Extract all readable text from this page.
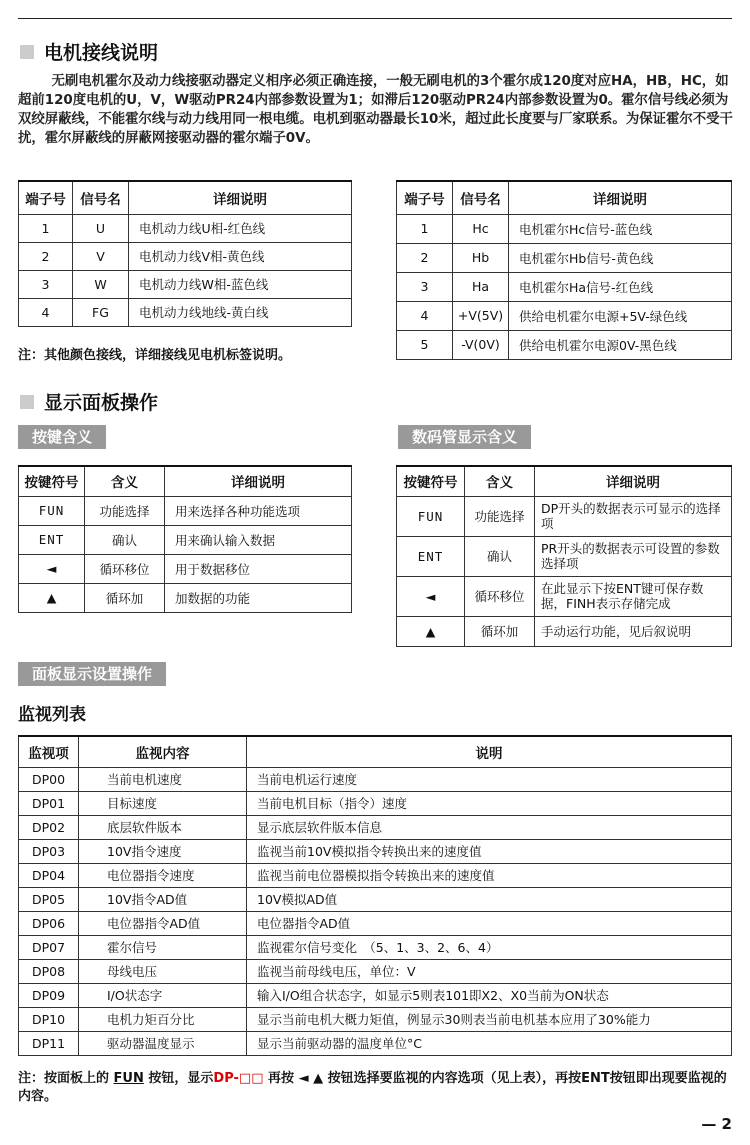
电机接线说明

无刷电机霍尔及动力线接驱动器定义相序必须正确连接，一般无刷电机的3个霍尔成120度对应HA，HB，HC，如超前120度电机的U，V，W驱动PR24内部参数设置为1；如滞后120驱动PR24内部参数设置为0。霍尔信号线必须为双绞屏蔽线，不能霍尔线与动力线用同一根电缆。电机到驱动器最长10米，超过此长度要与厂家联系。为保证霍尔不受干扰，霍尔屏蔽线的屏蔽网接驱动器的霍尔端子0V。

端子号	信号名	详细说明
1	U	电机动力线U相-红色线
2	V	电机动力线V相-黄色线
3	W	电机动力线W相-蓝色线
4	FG	电机动力线地线-黄白线
端子号	信号名	详细说明
1	Hc	电机霍尔Hc信号-蓝色线
2	Hb	电机霍尔Hb信号-黄色线
3	Ha	电机霍尔Ha信号-红色线
4	+V(5V)	供给电机霍尔电源+5V-绿色线
5	-V(0V)	供给电机霍尔电源0V-黑色线
注：其他颜色接线，详细接线见电机标签说明。
显示面板操作
按键含义	数码管显示含义
按键符号	含义	详细说明
FUN	功能选择	用来选择各种功能选项
ENT	确认	用来确认输入数据
◄	循环移位	用于数据移位
▲	循环加	加数据的功能
按键符号	含义	详细说明
FUN	功能选择	DP开头的数据表示可显示的选择项
ENT	确认	PR开头的数据表示可设置的参数选择项
◄	循环移位	在此显示下按ENT键可保存数据，FINH表示存储完成
▲	循环加	手动运行功能，见后叙说明
面板显示设置操作
监视列表
监视项	监视内容	说明
DP00	当前电机速度	当前电机运行速度
DP01	目标速度	当前电机目标（指令）速度
DP02	底层软件版本	显示底层软件版本信息
DP03	10V指令速度	监视当前10V模拟指令转换出来的速度值
DP04	电位器指令速度	监视当前电位器模拟指令转换出来的速度值
DP05	10V指令AD值	10V模拟AD值
DP06	电位器指令AD值	电位器指令AD值
DP07	霍尔信号	监视霍尔信号变化　（5、1、3、2、6、4）
DP08	母线电压	监视当前母线电压，单位：V
DP09	I/O状态字	输入I/O组合状态字，如显示5则表101即X2、X0当前为ON状态
DP10	电机力矩百分比	显示当前电机大概力矩值，例显示30则表当前电机基本应用了30%能力
DP11	驱动器温度显示	显示当前驱动器的温度单位°C
注：按面板上的 FUN 按钮，显示DP-□□ 再按 ◄ ▲ 按钮选择要监视的内容选项（见上表），再按ENT按钮即出现要监视的内容。
— 2
